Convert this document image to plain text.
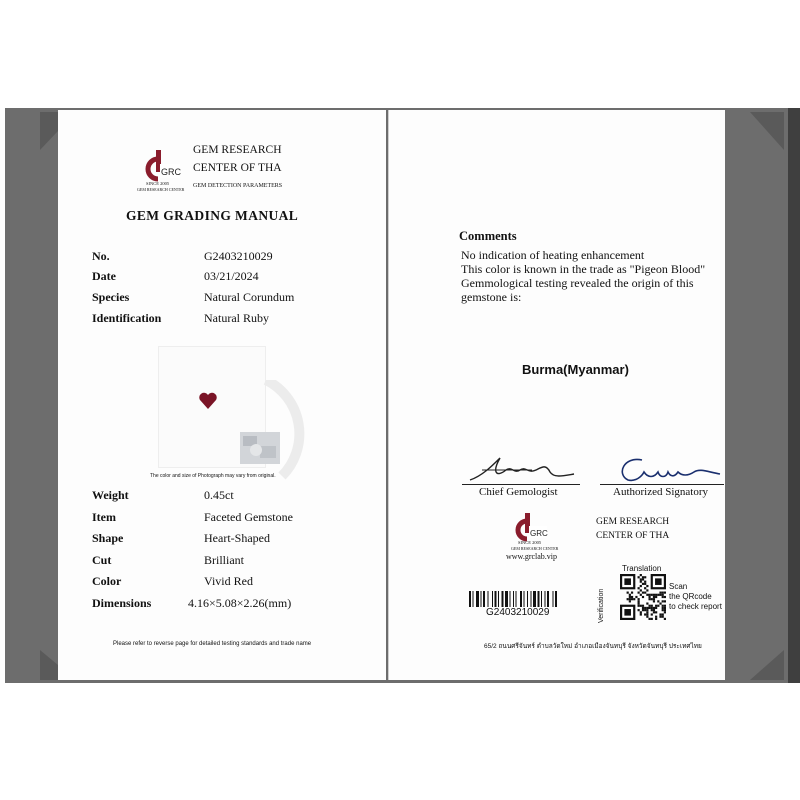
GRC
SINCE 2005
GEM RESEARCH CENTER
GEM RESEARCH
CENTER OF THA
GEM DETECTION PARAMETERS
GEM GRADING MANUAL
No.	G2403210029
Date	03/21/2024
Species	Natural Corundum
Identification	Natural Ruby
The color and size of Photograph may vary from original.
Weight	0.45ct
Item	Faceted Gemstone
Shape	Heart-Shaped
Cut	Brilliant
Color	Vivid Red
Dimensions	4.16×5.08×2.26(mm)
Please refer to reverse page for detailed testing standards and trade name
Comments
No indication of heating enhancement
This color is known in the trade as "Pigeon Blood"
Gemmological testing revealed the origin of this
gemstone is:
Burma(Myanmar)
Chief Gemologist	Authorized Signatory
GRC
SINCE 2005
GEM RESEARCH CENTER
www.grclab.vip
GEM RESEARCH
CENTER OF THA
G2403210029
Translation
Verification
Scan
the QRcode
to check report
65/2 ถนนศรีจันทร์ ตำบลวัดใหม่ อำเภอเมืองจันทบุรี จังหวัดจันทบุรี ประเทศไทย
